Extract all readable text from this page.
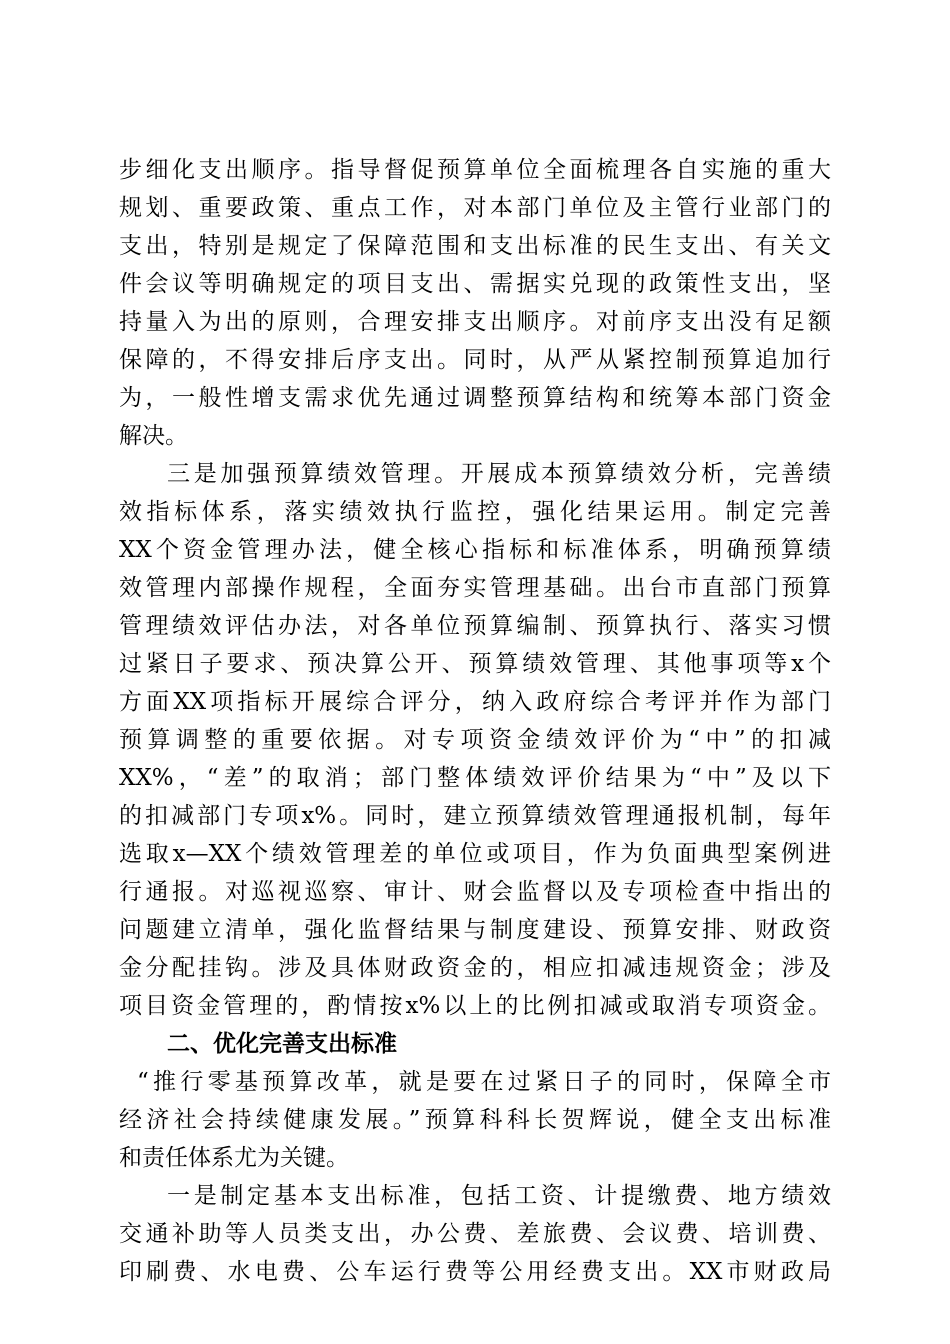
步细化支出顺序。指导督促预算单位全面梳理各自实施的重大
规划、重要政策、重点工作，对本部门单位及主管行业部门的
支出，特别是规定了保障范围和支出标准的民生支出、有关文
件会议等明确规定的项目支出、需据实兑现的政策性支出，坚
持量入为出的原则，合理安排支出顺序。对前序支出没有足额
保障的，不得安排后序支出。同时，从严从紧控制预算追加行
为，一般性增支需求优先通过调整预算结构和统筹本部门资金
解决。
三是加强预算绩效管理。开展成本预算绩效分析，完善绩
效指标体系，落实绩效执行监控，强化结果运用。制定完善
XX个资金管理办法，健全核心指标和标准体系，明确预算绩
效管理内部操作规程，全面夯实管理基础。出台市直部门预算
管理绩效评估办法，对各单位预算编制、预算执行、落实习惯
过紧日子要求、预决算公开、预算绩效管理、其他事项等x个
方面XX项指标开展综合评分，纳入政府综合考评并作为部门
预算调整的重要依据。对专项资金绩效评价为“中”的扣减
XX%，“差”的取消；部门整体绩效评价结果为“中”及以下
的扣减部门专项x%。同时，建立预算绩效管理通报机制，每年
选取x—XX个绩效管理差的单位或项目，作为负面典型案例进
行通报。对巡视巡察、审计、财会监督以及专项检查中指出的
问题建立清单，强化监督结果与制度建设、预算安排、财政资
金分配挂钩。涉及具体财政资金的，相应扣减违规资金；涉及
项目资金管理的，酌情按x%以上的比例扣减或取消专项资金。
二、优化完善支出标准
“推行零基预算改革，就是要在过紧日子的同时，保障全市
经济社会持续健康发展。”预算科科长贺辉说，健全支出标准
和责任体系尤为关键。
一是制定基本支出标准，包括工资、计提缴费、地方绩效
交通补助等人员类支出，办公费、差旅费、会议费、培训费、
印刷费、水电费、公车运行费等公用经费支出。XX市财政局
